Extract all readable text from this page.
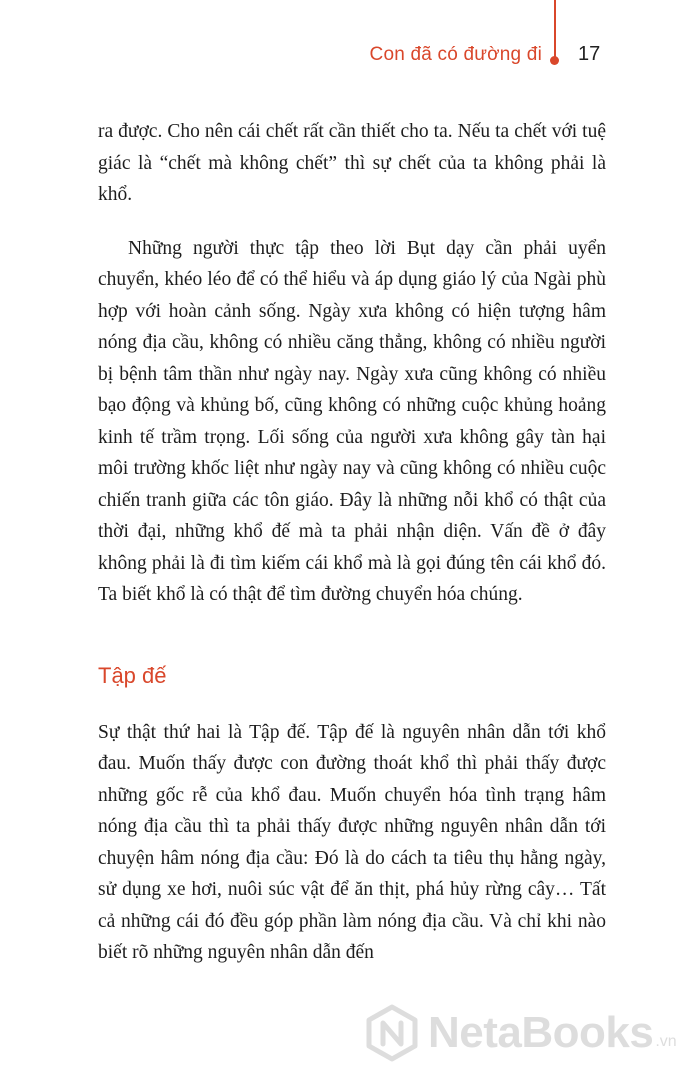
Con đã có đường đi 17

ra được. Cho nên cái chết rất cần thiết cho ta. Nếu ta chết với tuệ giác là “chết mà không chết” thì sự chết của ta không phải là khổ.

Những người thực tập theo lời Bụt dạy cần phải uyển chuyển, khéo léo để có thể hiểu và áp dụng giáo lý của Ngài phù hợp với hoàn cảnh sống. Ngày xưa không có hiện tượng hâm nóng địa cầu, không có nhiều căng thẳng, không có nhiều người bị bệnh tâm thần như ngày nay. Ngày xưa cũng không có nhiều bạo động và khủng bố, cũng không có những cuộc khủng hoảng kinh tế trầm trọng. Lối sống của người xưa không gây tàn hại môi trường khốc liệt như ngày nay và cũng không có nhiều cuộc chiến tranh giữa các tôn giáo. Đây là những nỗi khổ có thật của thời đại, những khổ đế mà ta phải nhận diện. Vấn đề ở đây không phải là đi tìm kiếm cái khổ mà là gọi đúng tên cái khổ đó. Ta biết khổ là có thật để tìm đường chuyển hóa chúng.

Tập đế

Sự thật thứ hai là Tập đế. Tập đế là nguyên nhân dẫn tới khổ đau. Muốn thấy được con đường thoát khổ thì phải thấy được những gốc rễ của khổ đau. Muốn chuyển hóa tình trạng hâm nóng địa cầu thì ta phải thấy được những nguyên nhân dẫn tới chuyện hâm nóng địa cầu: Đó là do cách ta tiêu thụ hằng ngày, sử dụng xe hơi, nuôi súc vật để ăn thịt, phá hủy rừng cây… Tất cả những cái đó đều góp phần làm nóng địa cầu. Và chỉ khi nào biết rõ những nguyên nhân dẫn đến

NetaBooks .vn
